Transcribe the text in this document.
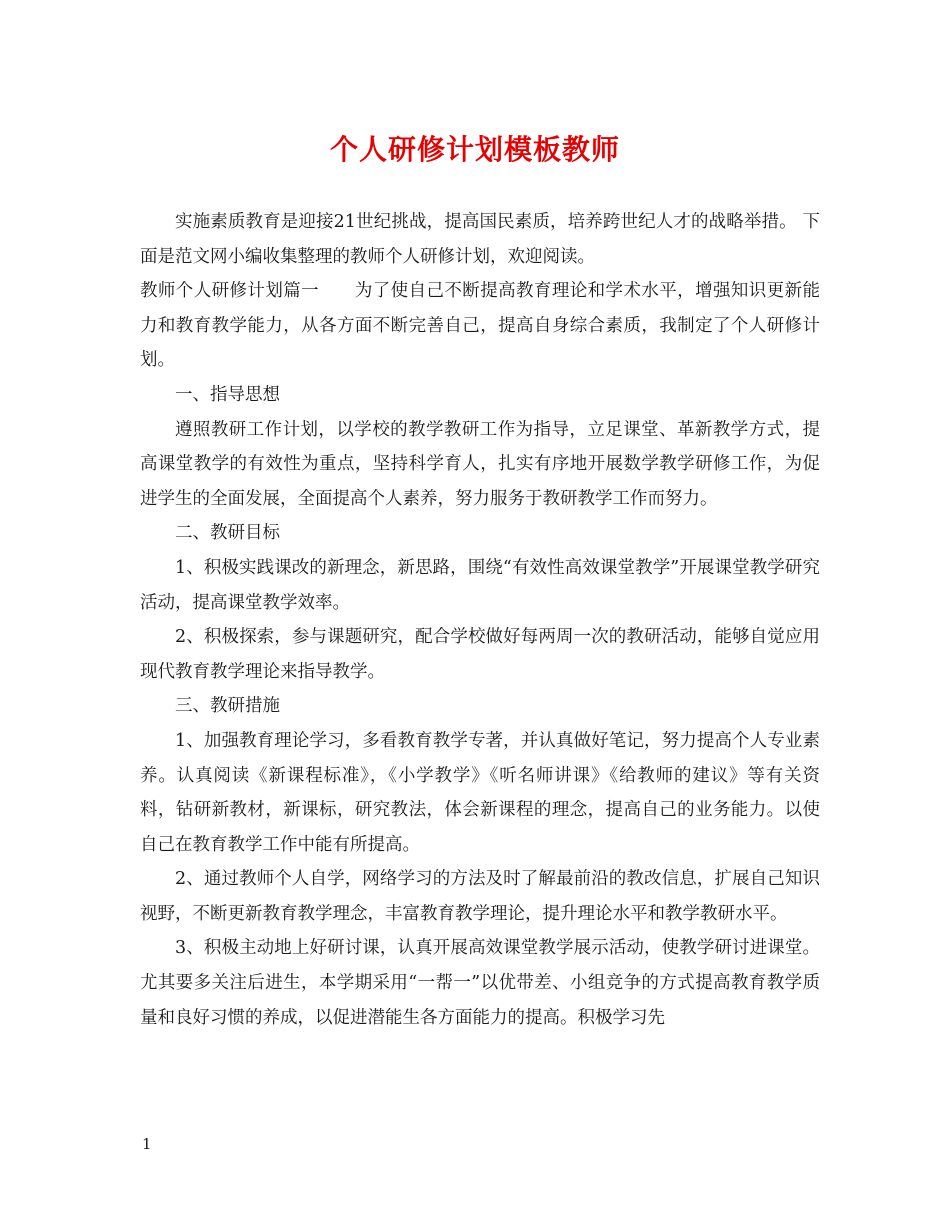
个人研修计划模板教师

实施素质教育是迎接21世纪挑战，提高国民素质，培养跨世纪人才的战略举措。 下面是范文网小编收集整理的教师个人研修计划，欢迎阅读。

教师个人研修计划篇一　　为了使自己不断提高教育理论和学术水平，增强知识更新能力和教育教学能力，从各方面不断完善自己，提高自身综合素质，我制定了个人研修计划。

一、指导思想

遵照教研工作计划，以学校的教学教研工作为指导，立足课堂、革新教学方式，提高课堂教学的有效性为重点，坚持科学育人，扎实有序地开展数学教学研修工作，为促进学生的全面发展，全面提高个人素养，努力服务于教研教学工作而努力。

二、教研目标

1、积极实践课改的新理念，新思路，围绕“有效性高效课堂教学”开展课堂教学研究活动，提高课堂教学效率。

2、积极探索，参与课题研究，配合学校做好每两周一次的教研活动，能够自觉应用现代教育教学理论来指导教学。

三、教研措施

1、加强教育理论学习，多看教育教学专著，并认真做好笔记，努力提高个人专业素养。认真阅读《新课程标准》，《小学教学》《听名师讲课》《给教师的建议》等有关资料，钻研新教材，新课标，研究教法，体会新课程的理念，提高自己的业务能力。以使自己在教育教学工作中能有所提高。

2、通过教师个人自学，网络学习的方法及时了解最前沿的教改信息，扩展自己知识视野，不断更新教育教学理念，丰富教育教学理论，提升理论水平和教学教研水平。

3、积极主动地上好研讨课，认真开展高效课堂教学展示活动，使教学研讨进课堂。尤其要多关注后进生，本学期采用“一帮一”以优带差、小组竞争的方式提高教育教学质量和良好习惯的养成，以促进潜能生各方面能力的提高。积极学习先

1
